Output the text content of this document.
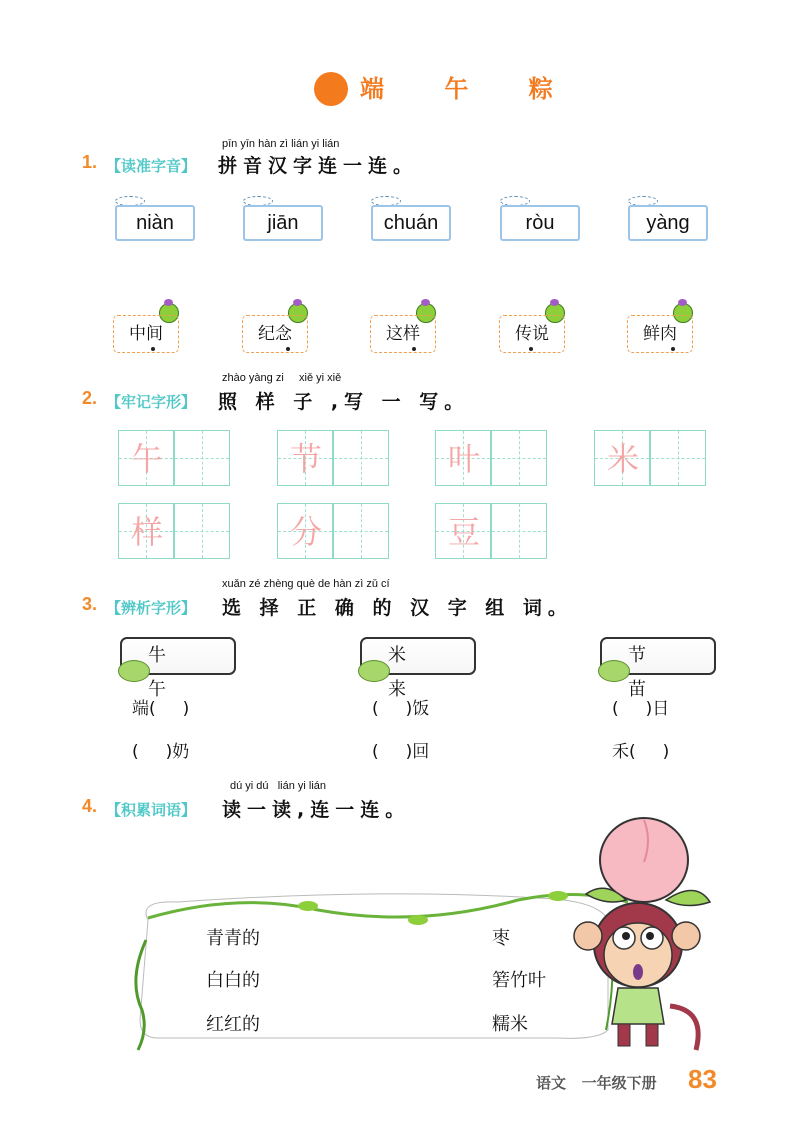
端 午 粽
pīn yīn hàn zì lián yi lián
1. 【读准字音】 拼音汉字连一连。
niàn	jiān	chuán	ròu	yàng
中间	纪念	这样	传说	鲜肉
zhào yàng zi     xiě yi xiě
2. 【牢记字形】 照 样 子 ,写 一 写。
午	节	叶	米
样	分	豆
xuǎn zé zhèng què de hàn zì zǔ cí
3. 【辨析字形】 选 择 正 确 的 汉 字 组 词。
牛 午
端(     )
(     )奶
米 来
(     )饭
(     )回
节 苗
(     )日
禾(     )
dú yi dú   lián yi lián
4. 【积累词语】 读一读,连一连。
青青的
白白的
红红的
枣
箬竹叶
糯米
语文   一年级下册 83
